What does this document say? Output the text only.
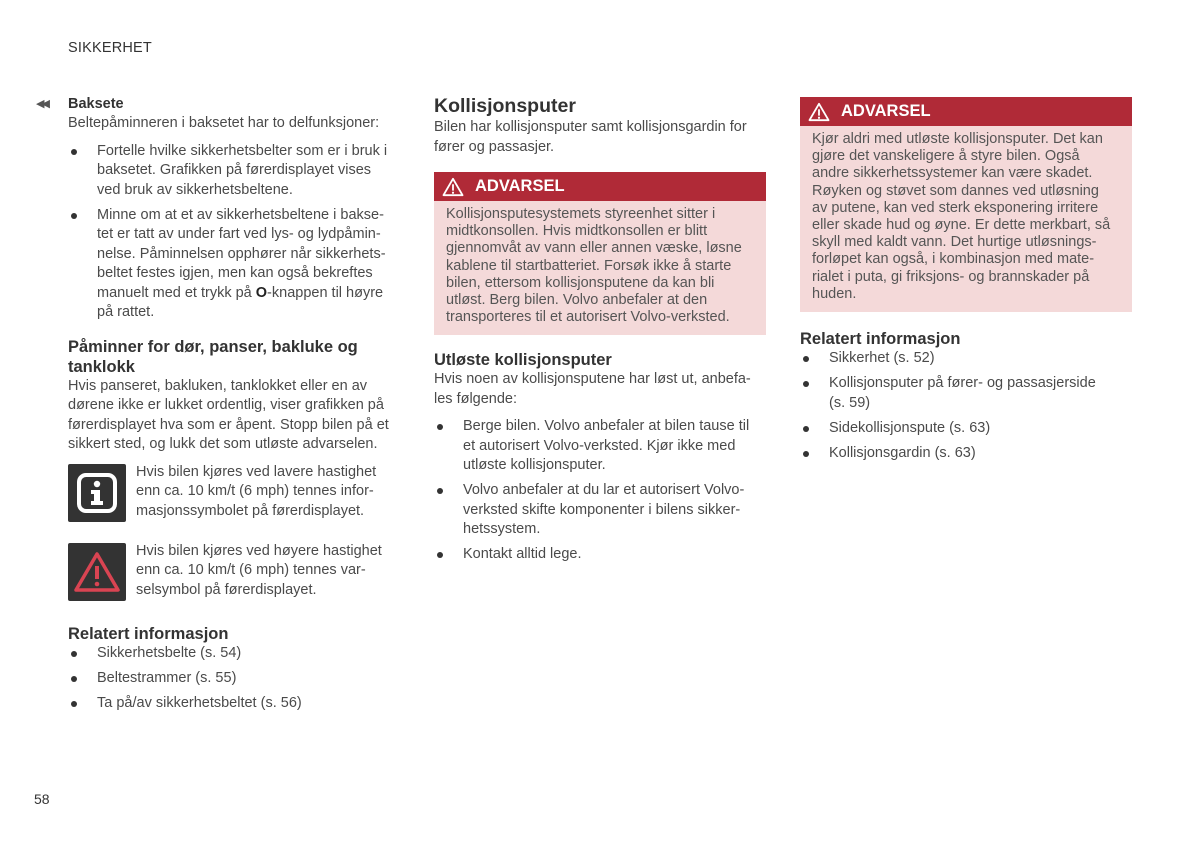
SIKKERHET
◀◀ Baksete

Beltepåminneren i baksetet har to delfunksjoner:

Fortelle hvilke sikkerhetsbelter som er i bruk i
baksetet. Grafikken på førerdisplayet vises
ved bruk av sikkerhetsbeltene.
Minne om at et av sikkerhetsbeltene i bakse-
tet er tatt av under fart ved lys- og lydpåmin-
nelse. Påminnelsen opphører når sikkerhets-
beltet festes igjen, men kan også bekreftes
manuelt med et trykk på O-knappen til høyre
på rattet.
Påminner for dør, panser, bakluke og
tanklokk

Hvis panseret, bakluken, tanklokket eller en av
dørene ikke er lukket ordentlig, viser grafikken på
førerdisplayet hva som er åpent. Stopp bilen på et
sikkert sted, og lukk det som utløste advarselen.

Hvis bilen kjøres ved lavere hastighet
enn ca. 10 km/t (6 mph) tennes infor-
masjonssymbolet på førerdisplayet.
Hvis bilen kjøres ved høyere hastighet
enn ca. 10 km/t (6 mph) tennes var-
selsymbol på førerdisplayet.
Relatert informasjon
Sikkerhetsbelte (s. 54)
Beltestrammer (s. 55)
Ta på/av sikkerhetsbeltet (s. 56)
Kollisjonsputer

Bilen har kollisjonsputer samt kollisjonsgardin for
fører og passasjer.

ADVARSEL
Kollisjonsputesystemets styreenhet sitter i
midtkonsollen. Hvis midtkonsollen er blitt
gjennomvåt av vann eller annen væske, løsne
kablene til startbatteriet. Forsøk ikke å starte
bilen, ettersom kollisjonsputene da kan bli
utløst. Berg bilen. Volvo anbefaler at den
transporteres til et autorisert Volvo-verksted.
Utløste kollisjonsputer

Hvis noen av kollisjonsputene har løst ut, anbefa-
les følgende:

Berge bilen. Volvo anbefaler at bilen tause til
et autorisert Volvo-verksted. Kjør ikke med
utløste kollisjonsputer.
Volvo anbefaler at du lar et autorisert Volvo-
verksted skifte komponenter i bilens sikker-
hetssystem.
Kontakt alltid lege.
ADVARSEL
Kjør aldri med utløste kollisjonsputer. Det kan
gjøre det vanskeligere å styre bilen. Også
andre sikkerhetssystemer kan være skadet.
Røyken og støvet som dannes ved utløsning
av putene, kan ved sterk eksponering irritere
eller skade hud og øyne. Er dette merkbart, så
skyll med kaldt vann. Det hurtige utløsnings-
forløpet kan også, i kombinasjon med mate-
rialet i puta, gi friksjons- og brannskader på
huden.
Relatert informasjon
Sikkerhet (s. 52)
Kollisjonsputer på fører- og passasjerside
(s. 59)
Sidekollisjonspute (s. 63)
Kollisjonsgardin (s. 63)
58
